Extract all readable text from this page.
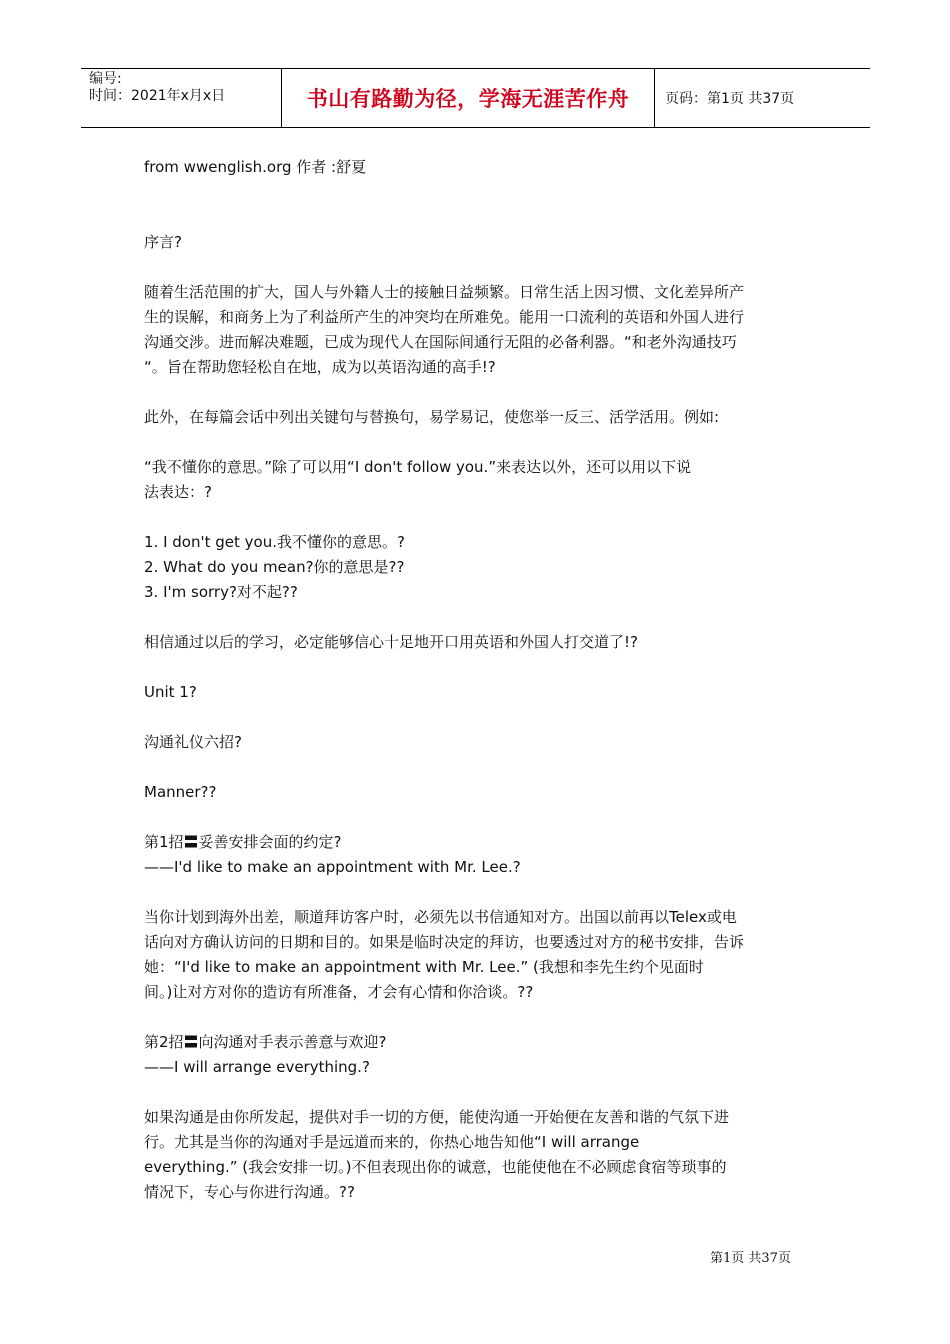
编号:
时间：2021年x月x日	书山有路勤为径，学海无涯苦作舟	页码：第1页 共37页

from wwenglish.org 作者 :舒夏

序言?

随着生活范围的扩大，国人与外籍人士的接触日益频繁。日常生活上因习惯、文化差异所产

生的误解，和商务上为了利益所产生的冲突均在所难免。能用一口流利的英语和外国人进行

沟通交涉。进而解决难题，已成为现代人在国际间通行无阻的必备利器。“和老外沟通技巧

“。旨在帮助您轻松自在地，成为以英语沟通的高手!?

此外，在每篇会话中列出关键句与替换句，易学易记，使您举一反三、活学活用。例如:

“我不懂你的意思。”除了可以用“I don't follow you.”来表达以外，还可以用以下说

法表达：?

1. I don't get you.我不懂你的意思。?

2. What do you mean?你的意思是??

3. I'm sorry?对不起??

相信通过以后的学习，必定能够信心十足地开口用英语和外国人打交道了!?

Unit 1?

沟通礼仪六招?

Manner??

第1招〓妥善安排会面的约定?

——I'd like to make an appointment with Mr. Lee.?

当你计划到海外出差，顺道拜访客户时，必须先以书信通知对方。出国以前再以Telex或电

话向对方确认访问的日期和目的。如果是临时决定的拜访，也要透过对方的秘书安排，告诉

她：“I'd like to make an appointment with Mr. Lee.” (我想和李先生约个见面时

间。)让对方对你的造访有所准备，才会有心情和你洽谈。??

第2招〓向沟通对手表示善意与欢迎?

——I will arrange everything.?

如果沟通是由你所发起，提供对手一切的方便，能使沟通一开始便在友善和谐的气氛下进

行。尤其是当你的沟通对手是远道而来的，你热心地告知他“I will arrange

everything.” (我会安排一切。)不但表现出你的诚意，也能使他在不必顾虑食宿等琐事的

情况下，专心与你进行沟通。??

第1页 共37页
